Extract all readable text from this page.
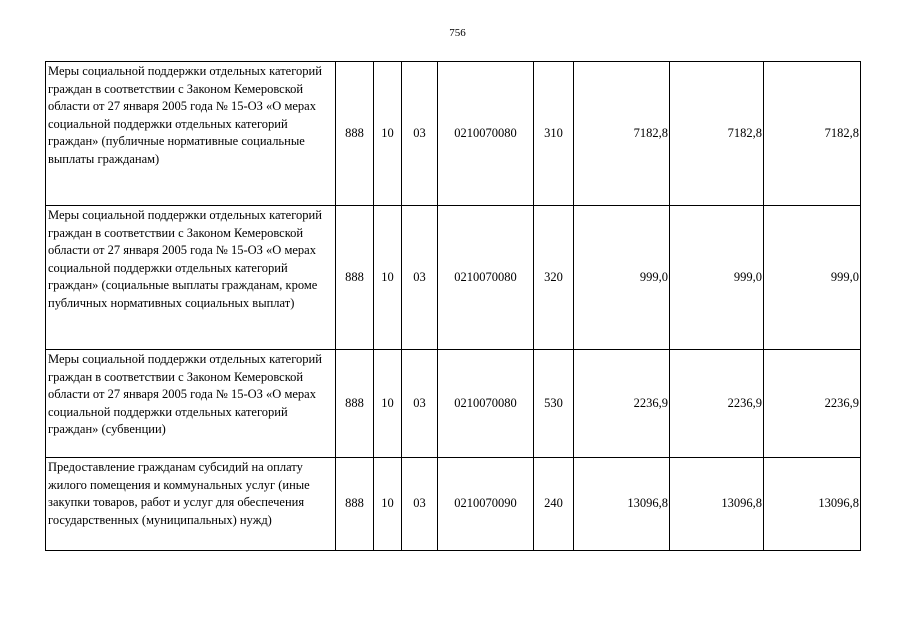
756
Меры социальной поддержки отдельных категорий граждан в соответствии с Законом Кемеровской области от 27 января 2005 года № 15-ОЗ «О мерах социальной поддержки отдельных категорий граждан» (публичные нормативные социальные выплаты гражданам)	888	10	03	0210070080	310	7182,8	7182,8	7182,8
Меры социальной поддержки отдельных категорий граждан в соответствии с Законом Кемеровской области от 27 января 2005 года № 15-ОЗ «О мерах социальной поддержки отдельных категорий граждан» (социальные выплаты гражданам, кроме публичных нормативных социальных выплат)	888	10	03	0210070080	320	999,0	999,0	999,0
Меры социальной поддержки отдельных категорий граждан в соответствии с Законом Кемеровской области от 27 января 2005 года № 15-ОЗ «О мерах социальной поддержки отдельных категорий граждан» (субвенции)	888	10	03	0210070080	530	2236,9	2236,9	2236,9
Предоставление гражданам субсидий на оплату жилого помещения и коммунальных услуг (иные закупки товаров, работ и услуг для обеспечения государственных (муниципальных) нужд)	888	10	03	0210070090	240	13096,8	13096,8	13096,8
